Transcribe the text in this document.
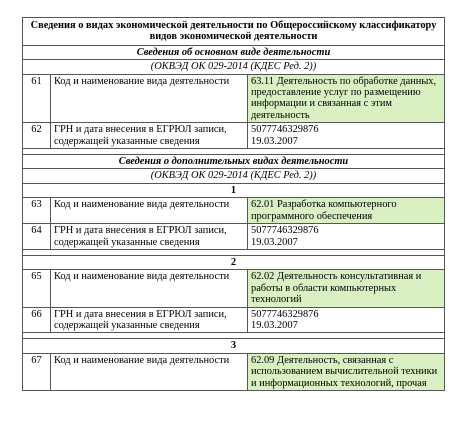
Сведения о видах экономической деятельности по Общероссийскому классификатору видов экономической деятельности		
Сведения об основном виде деятельности		
(ОКВЭД ОК 029-2014 (КДЕС Ред. 2))		
61	Код и наименование вида деятельности	63.11 Деятельность по обработке данных, предоставление услуг по размещению информации и связанная с этим деятельность
62	ГРН и дата внесения в ЕГРЮЛ записи, содержащей указанные сведения	5077746329876
19.03.2007

Сведения о дополнительных видах деятельности		
(ОКВЭД ОК 029-2014 (КДЕС Ред. 2))		
1		
63	Код и наименование вида деятельности	62.01 Разработка компьютерного программного обеспечения
64	ГРН и дата внесения в ЕГРЮЛ записи, содержащей указанные сведения	5077746329876
19.03.2007

2		
65	Код и наименование вида деятельности	62.02 Деятельность консультативная и работы в области компьютерных технологий
66	ГРН и дата внесения в ЕГРЮЛ записи, содержащей указанные сведения	5077746329876
19.03.2007

3		
67	Код и наименование вида деятельности	62.09 Деятельность, связанная с использованием вычислительной техники и информационных технологий, прочая
